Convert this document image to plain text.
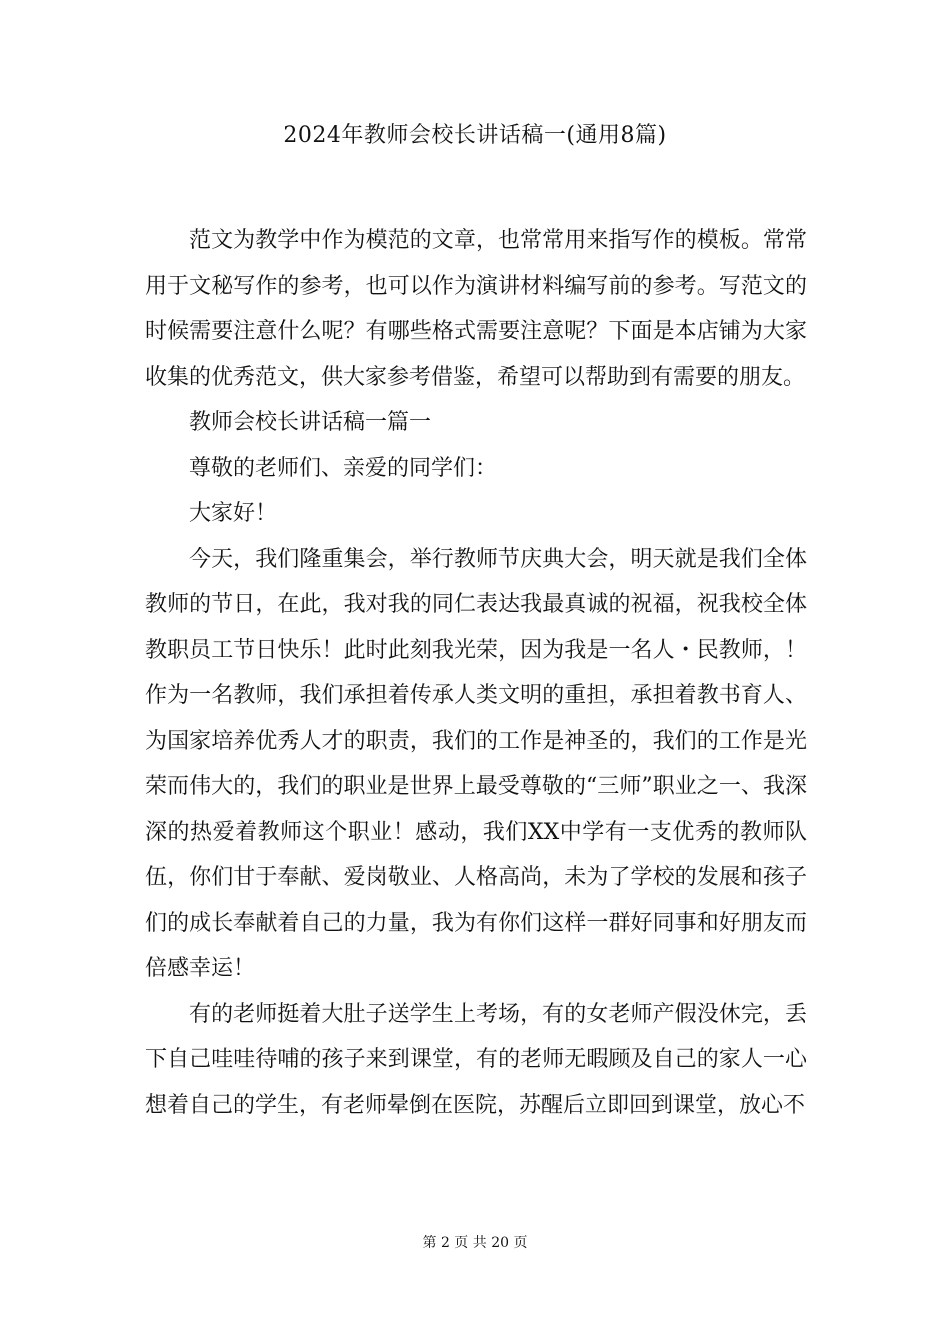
2024年教师会校长讲话稿一(通用8篇)

范文为教学中作为模范的文章，也常常用来指写作的模板。常常用于文秘写作的参考，也可以作为演讲材料编写前的参考。写范文的时候需要注意什么呢？有哪些格式需要注意呢？下面是本店铺为大家收集的优秀范文，供大家参考借鉴，希望可以帮助到有需要的朋友。

教师会校长讲话稿一篇一

尊敬的老师们、亲爱的同学们：

大家好！

今天，我们隆重集会，举行教师节庆典大会，明天就是我们全体教师的节日，在此，我对我的同仁表达我最真诚的祝福，祝我校全体教职员工节日快乐！此时此刻我光荣，因为我是一名人・民教师，！作为一名教师，我们承担着传承人类文明的重担，承担着教书育人、为国家培养优秀人才的职责，我们的工作是神圣的，我们的工作是光荣而伟大的，我们的职业是世界上最受尊敬的“三师”职业之一、我深深的热爱着教师这个职业！感动，我们XX中学有一支优秀的教师队伍，你们甘于奉献、爱岗敬业、人格高尚，未为了学校的发展和孩子们的成长奉献着自己的力量，我为有你们这样一群好同事和好朋友而倍感幸运！

有的老师挺着大肚子送学生上考场，有的女老师产假没休完，丢下自己哇哇待哺的孩子来到课堂，有的老师无暇顾及自己的家人一心想着自己的学生，有老师晕倒在医院，苏醒后立即回到课堂，放心不

第 2 页 共 20 页
